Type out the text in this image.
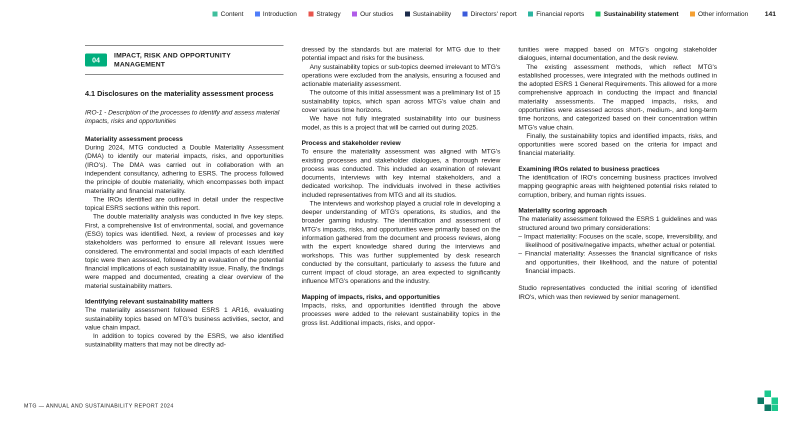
Content Introduction Strategy Our studios Sustainability Directors' report Financial reports Sustainability statement Other information 141
04
IMPACT, RISK AND OPPORTUNITY MANAGEMENT
4.1 Disclosures on the materiality assessment process

IRO-1 - Description of the processes to identify and assess material impacts, risks and opportunities

Materiality assessment process

During 2024, MTG conducted a Double Materiality Assessment (DMA) to identify our material impacts, risks, and opportunities (IRO's). The DMA was carried out in collaboration with an independent consultancy, adhering to ESRS. The process followed the principle of double materiality, which encompasses both impact materiality and financial materiality.

The IROs identified are outlined in detail under the respective topical ESRS sections within this report.

The double materiality analysis was conducted in five key steps. First, a comprehensive list of environmental, social, and governance (ESG) topics was identified. Next, a review of processes and key stakeholders was performed to ensure all relevant issues were considered. The environmental and social impacts of each identified topic were then assessed, followed by an evaluation of the potential financial implications of each sustainability issue. Finally, the findings were mapped and documented, creating a clear overview of the material sustainability matters.

Identifying relevant sustainability matters

The materiality assessment followed ESRS 1 AR16, evaluating sustainability topics based on MTG's business activities, sector, and value chain impact.

In addition to topics covered by the ESRS, we also identified sustainability matters that may not be directly ad-

dressed by the standards but are material for MTG due to their potential impact and risks for the business.

Any sustainability topics or sub-topics deemed irrelevant to MTG's operations were excluded from the analysis, ensuring a focused and actionable materiality assessment.

The outcome of this initial assessment was a preliminary list of 15 sustainability topics, which span across MTG's value chain and cover various time horizons.

We have not fully integrated sustainability into our business model, as this is a project that will be carried out during 2025.

Process and stakeholder review

To ensure the materiality assessment was aligned with MTG's existing processes and stakeholder dialogues, a thorough review process was conducted. This included an examination of relevant documents, interviews with key internal stakeholders, and a dedicated workshop. The individuals involved in these activities included representatives from MTG and all its studios.

The interviews and workshop played a crucial role in developing a deeper understanding of MTG's operations, its studios, and the broader gaming industry. The identification and assessment of MTG's impacts, risks, and opportunities were primarily based on the information gathered from the document and process reviews, along with the expert knowledge shared during the interviews and workshops. This was further supplemented by desk research conducted by the consultant, particularly to assess the future and current impact of cloud storage, an area expected to significantly influence MTG's operations and the industry.

Mapping of impacts, risks, and opportunities

Impacts, risks, and opportunities identified through the above processes were added to the relevant sustainability topics in the gross list. Additional impacts, risks, and oppor-

tunities were mapped based on MTG's ongoing stakeholder dialogues, internal documentation, and the desk review.

The existing assessment methods, which reflect MTG's established processes, were integrated with the methods outlined in the adopted ESRS 1 General Requirements. This allowed for a more comprehensive approach in conducting the impact and financial materiality assessments. The mapped impacts, risks, and opportunities were assessed across short-, medium-, and long-term time horizons, and categorized based on their concentration within MTG's value chain.

Finally, the sustainability topics and identified impacts, risks, and opportunities were scored based on the criteria for impact and financial materiality.

Examining IROs related to business practices

The identification of IRO's concerning business practices involved mapping geographic areas with heightened potential risks related to corruption, bribery, and human rights issues.

Materiality scoring approach

The materiality assessment followed the ESRS 1 guidelines and was structured around two primary considerations:

– Impact materiality: Focuses on the scale, scope, irreversibility, and likelihood of positive/negative impacts, whether actual or potential.

– Financial materiality: Assesses the financial significance of risks and opportunities, their likelihood, and the nature of potential financial impacts.

Studio representatives conducted the initial scoring of identified IRO's, which was then reviewed by senior management.

MTG — ANNUAL AND SUSTAINABILITY REPORT 2024
